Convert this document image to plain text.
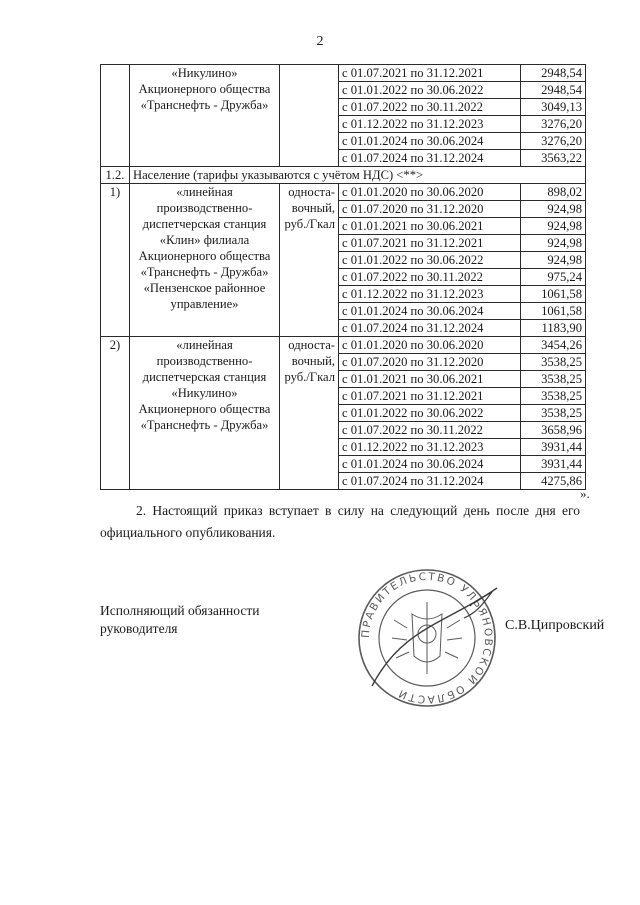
2
	«Никулино» Акционерного общества «Транснефть - Дружба»		с 01.07.2021 по 31.12.2021	2948,54
			с 01.01.2022 по 30.06.2022	2948,54
			с 01.07.2022 по 30.11.2022	3049,13
			с 01.12.2022 по 31.12.2023	3276,20
			с 01.01.2024 по 30.06.2024	3276,20
			с 01.07.2024 по 31.12.2024	3563,22
1.2.	Население (тарифы указываются с учётом НДС) <**>			
1)	«линейная производственно-диспетчерская станция «Клин» филиала Акционерного общества «Транснефть - Дружба» «Пензенское районное управление»	односта-вочный, руб./Гкал	с 01.01.2020 по 30.06.2020	898,02
			с 01.07.2020 по 31.12.2020	924,98
			с 01.01.2021 по 30.06.2021	924,98
			с 01.07.2021 по 31.12.2021	924,98
			с 01.01.2022 по 30.06.2022	924,98
			с 01.07.2022 по 30.11.2022	975,24
			с 01.12.2022 по 31.12.2023	1061,58
			с 01.01.2024 по 30.06.2024	1061,58
			с 01.07.2024 по 31.12.2024	1183,90
2)	«линейная производственно-диспетчерская станция «Никулино» Акционерного общества «Транснефть - Дружба»	односта-вочный, руб./Гкал	с 01.01.2020 по 30.06.2020	3454,26
			с 01.07.2020 по 31.12.2020	3538,25
			с 01.01.2021 по 30.06.2021	3538,25
			с 01.07.2021 по 31.12.2021	3538,25
			с 01.01.2022 по 30.06.2022	3538,25
			с 01.07.2022 по 30.11.2022	3658,96
			с 01.12.2022 по 31.12.2023	3931,44
			с 01.01.2024 по 30.06.2024	3931,44
			с 01.07.2024 по 31.12.2024	4275,86
».
2. Настоящий приказ вступает в силу на следующий день после дня его официального опубликования.
Исполняющий обязанности руководителя	С.В.Ципровский
ПРАВИТЕЛЬСТВО УЛЬЯНОВСКОЙ ОБЛАСТИ
